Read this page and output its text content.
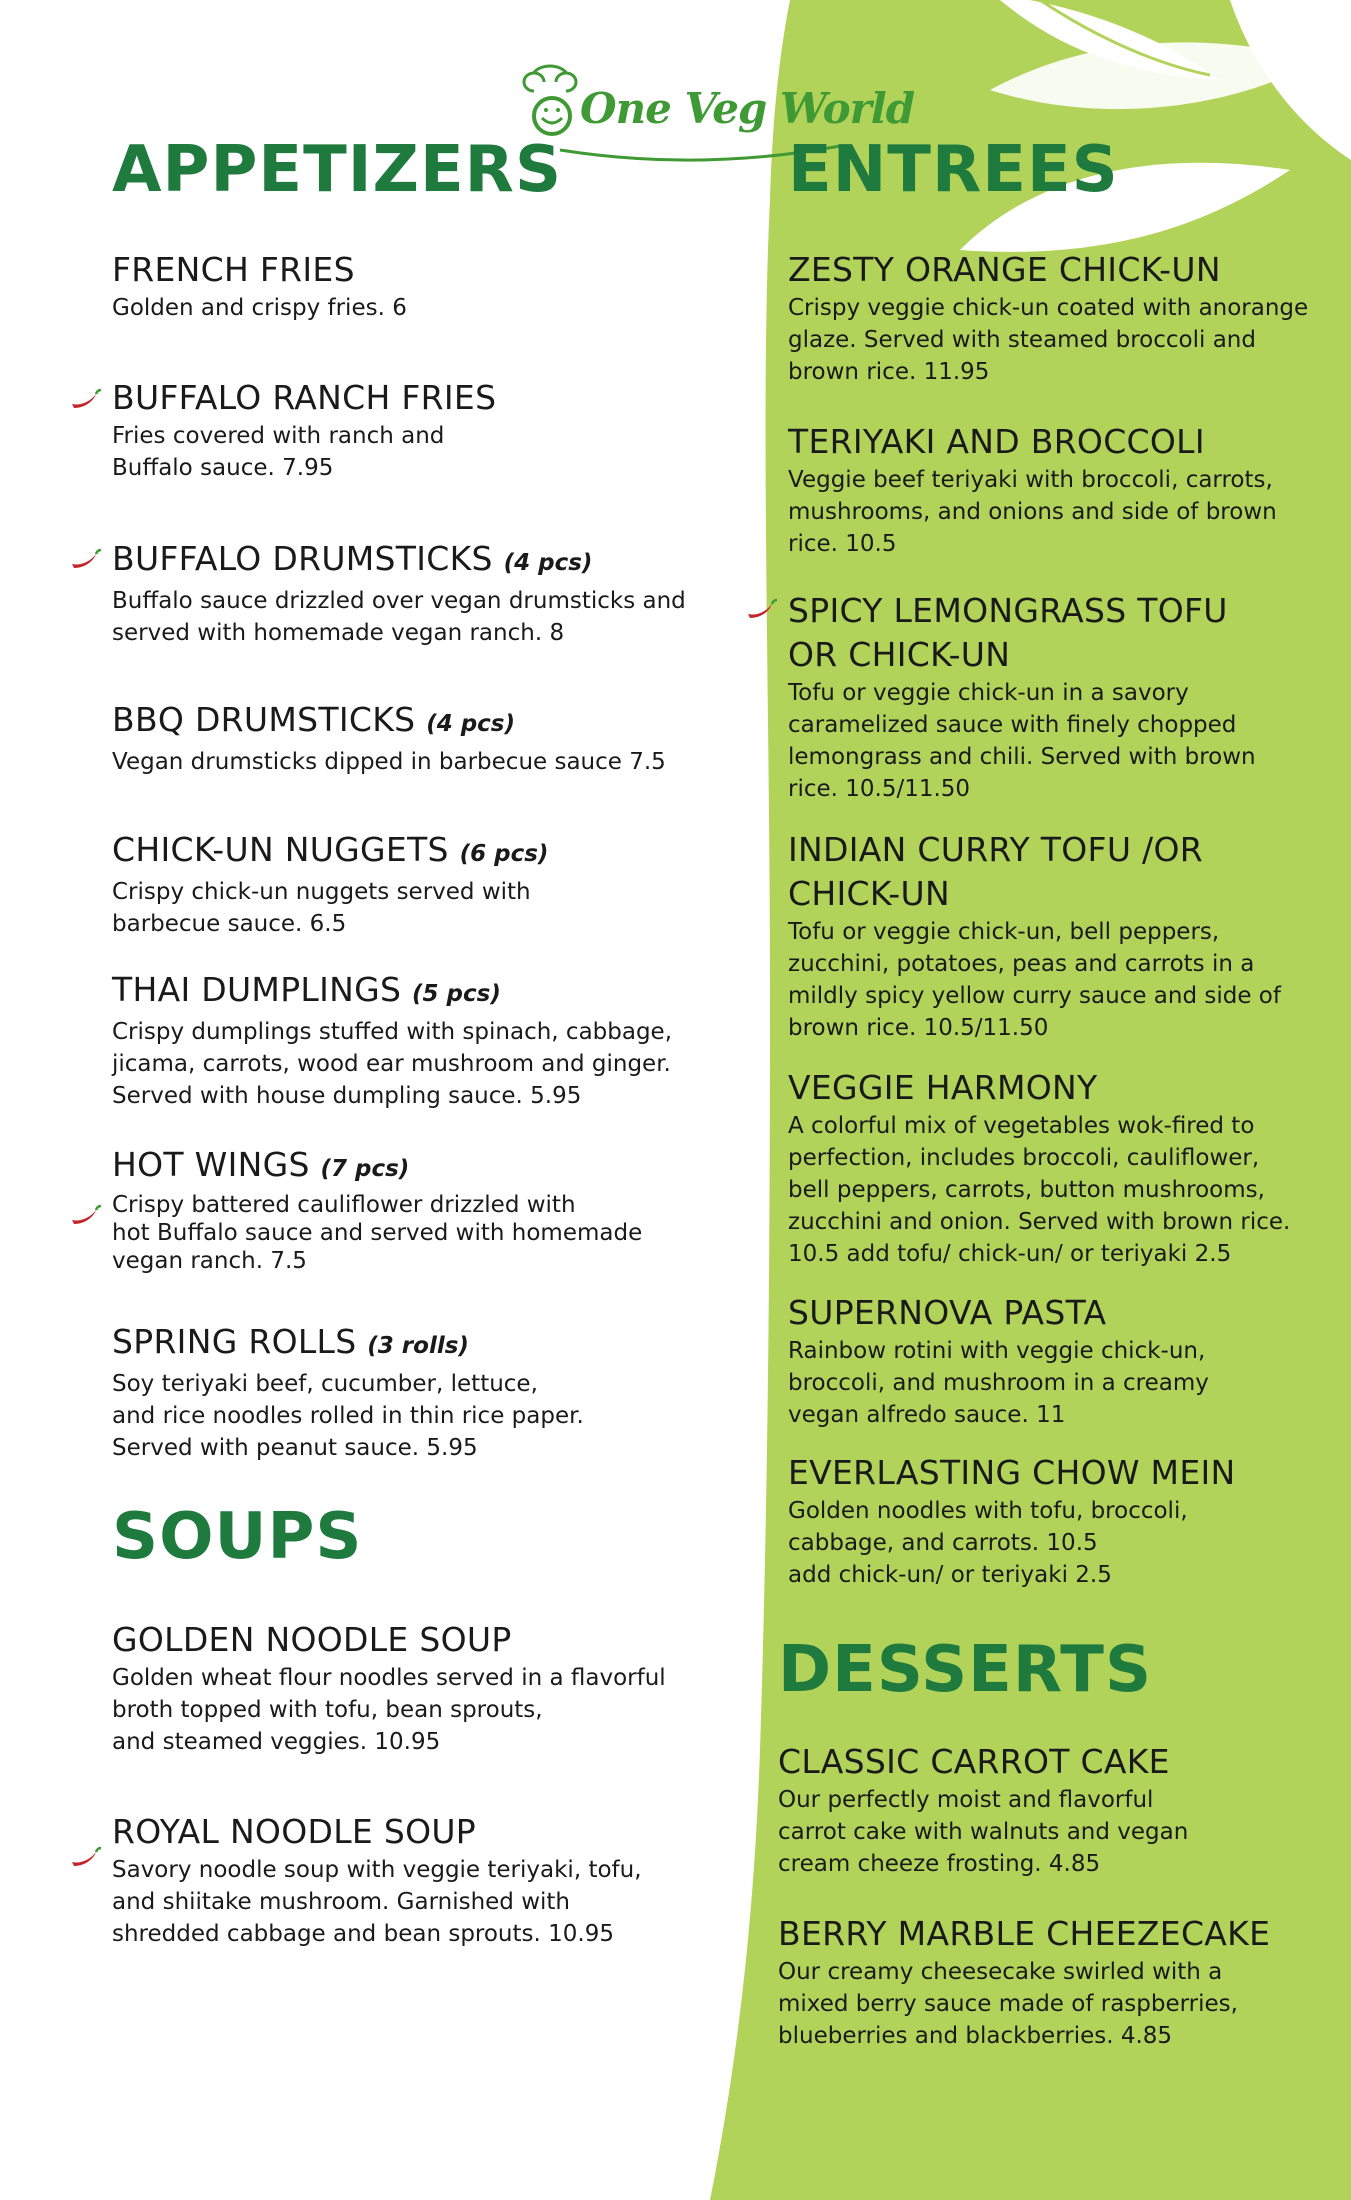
One Veg World
APPETIZERS
SOUPS
ENTREES
DESSERTS
FRENCH FRIES
Golden and crispy fries. 6
BUFFALO RANCH FRIES
Fries covered with ranch and
Buffalo sauce. 7.95
BUFFALO DRUMSTICKS (4 pcs)
Buffalo sauce drizzled over vegan drumsticks and
served with homemade vegan ranch. 8
BBQ DRUMSTICKS (4 pcs)
Vegan drumsticks dipped in barbecue sauce 7.5
CHICK-UN NUGGETS (6 pcs)
Crispy chick-un nuggets served with
barbecue sauce. 6.5
THAI DUMPLINGS (5 pcs)
Crispy dumplings stuffed with spinach, cabbage,
jicama, carrots, wood ear mushroom and ginger.
Served with house dumpling sauce. 5.95
HOT WINGS (7 pcs)
Crispy battered cauliflower drizzled with
hot Buffalo sauce and served with homemade
vegan ranch. 7.5
SPRING ROLLS (3 rolls)
Soy teriyaki beef, cucumber, lettuce,
and rice noodles rolled in thin rice paper.
Served with peanut sauce. 5.95
GOLDEN NOODLE SOUP
Golden wheat flour noodles served in a flavorful
broth topped with tofu, bean sprouts,
and steamed veggies. 10.95
ROYAL NOODLE SOUP
Savory noodle soup with veggie teriyaki, tofu,
and shiitake mushroom. Garnished with
shredded cabbage and bean sprouts. 10.95
ZESTY ORANGE CHICK-UN
Crispy veggie chick-un coated with anorange
glaze. Served with steamed broccoli and
brown rice. 11.95
TERIYAKI AND BROCCOLI
Veggie beef teriyaki with broccoli, carrots,
mushrooms, and onions and side of brown
rice. 10.5
SPICY LEMONGRASS TOFU
OR CHICK-UN
Tofu or veggie chick-un in a savory
caramelized sauce with finely chopped
lemongrass and chili. Served with brown
rice. 10.5/11.50
INDIAN CURRY TOFU /OR
CHICK-UN
Tofu or veggie chick-un, bell peppers,
zucchini, potatoes, peas and carrots in a
mildly spicy yellow curry sauce and side of
brown rice. 10.5/11.50
VEGGIE HARMONY
A colorful mix of vegetables wok-fired to
perfection, includes broccoli, cauliflower,
bell peppers, carrots, button mushrooms,
zucchini and onion. Served with brown rice.
10.5 add tofu/ chick-un/ or teriyaki 2.5
SUPERNOVA PASTA
Rainbow rotini with veggie chick-un,
broccoli, and mushroom in a creamy
vegan alfredo sauce. 11
EVERLASTING CHOW MEIN
Golden noodles with tofu, broccoli,
cabbage, and carrots. 10.5
add chick-un/ or teriyaki 2.5
CLASSIC CARROT CAKE
Our perfectly moist and flavorful
carrot cake with walnuts and vegan
cream cheeze frosting. 4.85
BERRY MARBLE CHEEZECAKE
Our creamy cheesecake swirled with a
mixed berry sauce made of raspberries,
blueberries and blackberries. 4.85
